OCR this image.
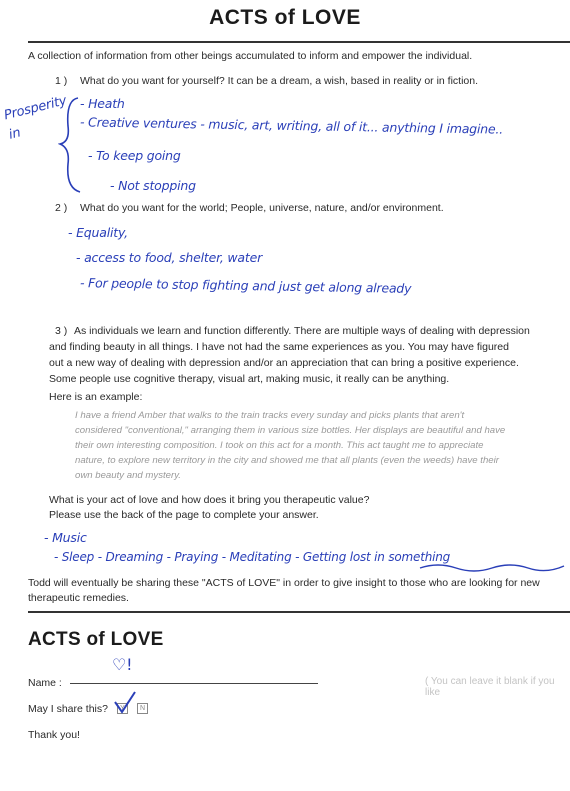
ACTS of LOVE
A collection of information from other beings accumulated to inform and empower the individual.
1 ) What do you want for yourself? It can be a dream, a wish, based in reality or in fiction.
Prosperity in
- Heath
- Creative ventures - music, art, writing, all of it... anything I imagine..
- To keep going
- Not stopping
2 ) What do you want for the world; People, universe, nature, and/or environment.
- Equality,
- access to food, shelter, water
- For people to stop fighting and just get along already
3 ) As individuals we learn and function differently. There are multiple ways of dealing with depression
and finding beauty in all things. I have not had the same experiences as you. You may have figured
out a new way of dealing with depression and/or an appreciation that can bring a positive experience.
Some people use cognitive therapy, visual art, making music, it really can be anything.
Here is an example:
I have a friend Amber that walks to the train tracks every sunday and picks plants that aren't
considered "conventional," arranging them in various size bottles. Her displays are beautiful and have
their own interesting composition. I took on this act for a month. This act taught me to appreciate
nature, to explore new territory in the city and showed me that all plants (even the weeds) have their
own beauty and mystery.
What is your act of love and how does it bring you therapeutic value?
Please use the back of the page to complete your answer.
- Music
- Sleep - Dreaming - Praying - Meditating - Getting lost in something
Todd will eventually be sharing these "ACTS of LOVE" in order to give insight to those who are looking for new
therapeutic remedies.
ACTS of LOVE
♡!
Name :	( You can leave it blank if you like
May I share this?	Y	N
Thank you!
